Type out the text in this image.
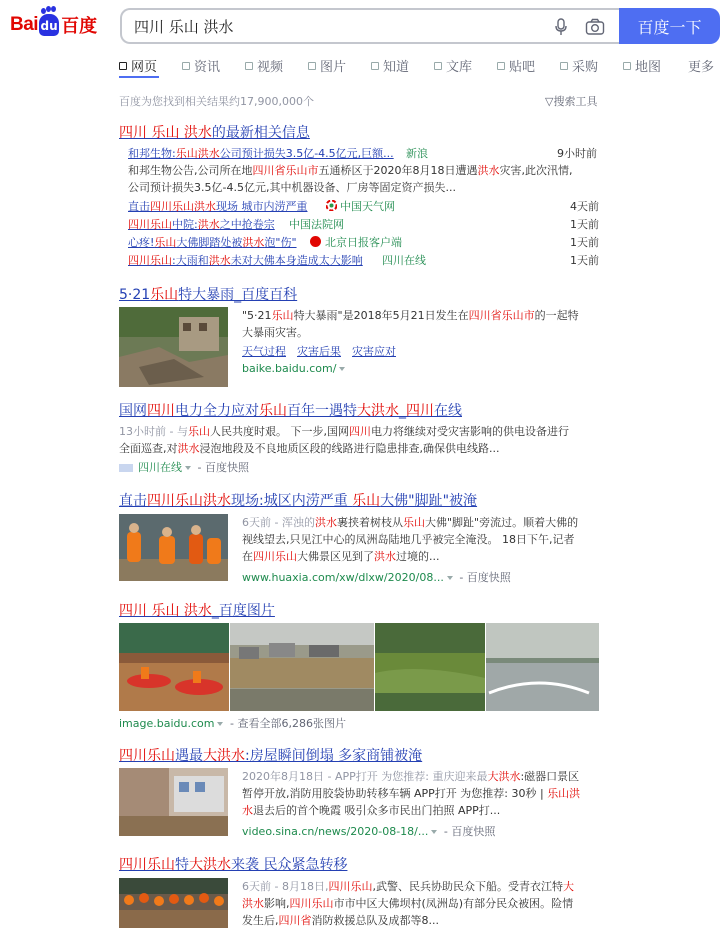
Bai du 百度
四川 乐山 洪水	百度一下
网页	资讯	视频	图片	知道	文库	贴吧	采购	地图 更多
百度为您找到相关结果约17,900,000个	▽搜索工具
四川 乐山 洪水的最新相关信息
和邦生物:乐山洪水公司预计损失3.5亿-4.5亿元,巨额... 新浪	9小时前
和邦生物公告,公司所在地四川省乐山市五通桥区于2020年8月18日遭遇洪水灾害,此次汛情,
公司预计损失3.5亿-4.5亿元,其中机器设备、厂房等固定资产损失...
直击四川乐山洪水现场 城市内涝严重	中国天气网	4天前
四川乐山中院:洪水之中抢卷宗 中国法院网	1天前
心疼!乐山大佛脚踏处被洪水泡"伤"	北京日报客户端	1天前
四川乐山:大雨和洪水未对大佛本身造成太大影响 四川在线	1天前
5·21乐山特大暴雨_百度百科
"5·21乐山特大暴雨"是2018年5月21日发生在四川省乐山市的一起特
大暴雨灾害。
天气过程 灾害后果 灾害应对
baike.baidu.com/
国网四川电力全力应对乐山百年一遇特大洪水_四川在线
13小时前 - 与乐山人民共度时艰。 下一步,国网四川电力将继续对受灾害影响的供电设备进行
全面巡查,对洪水浸泡地段及不良地质区段的线路进行隐患排查,确保供电线路...
四川在线 - 百度快照
直击四川乐山洪水现场:城区内涝严重 乐山大佛"脚趾"被淹
6天前 - 浑浊的洪水裹挟着树枝从乐山大佛"脚趾"旁流过。顺着大佛的
视线望去,只见江中心的凤洲岛陆地几乎被完全淹没。 18日下午,记者
在四川乐山大佛景区见到了洪水过境的...
www.huaxia.com/xw/dlxw/2020/08... - 百度快照
四川 乐山 洪水_百度图片
image.baidu.com - 查看全部6,286张图片
四川乐山遇最大洪水:房屋瞬间倒塌 多家商铺被淹
2020年8月18日 - APP打开 为您推荐: 重庆迎来最大洪水:磁器口景区
暂停开放,消防用胶袋协助转移车辆 APP打开 为您推荐: 30秒 | 乐山洪
水退去后的首个晚霞 吸引众多市民出门拍照 APP打...
video.sina.cn/news/2020-08-18/... - 百度快照
四川乐山特大洪水来袭 民众紧急转移
6天前 - 8月18日,四川乐山,武警、民兵协助民众下船。受青衣江特大
洪水影响,四川乐山市市中区大佛坝村(凤洲岛)有部分民众被困。险情
发生后,四川省消防救援总队及成都等8...
